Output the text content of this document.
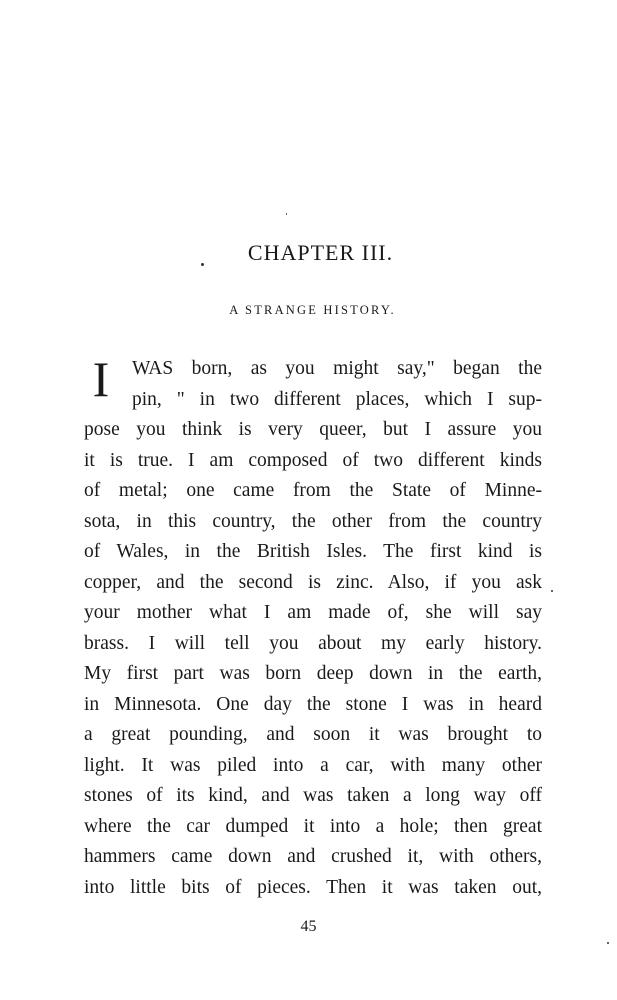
CHAPTER III.
A STRANGE HISTORY.
I	WAS born, as you might say," began the
pin, " in two different places, which I sup-
pose you think is very queer, but I assure you
it is true. I am composed of two different kinds
of metal; one came from the State of Minne-
sota, in this country, the other from the country
of Wales, in the British Isles. The first kind is
copper, and the second is zinc. Also, if you ask
your mother what I am made of, she will say
brass. I will tell you about my early history.
My first part was born deep down in the earth,
in Minnesota. One day the stone I was in heard
a great pounding, and soon it was brought to
light. It was piled into a car, with many other
stones of its kind, and was taken a long way off
where the car dumped it into a hole; then great
hammers came down and crushed it, with others,
into little bits of pieces. Then it was taken out,
45
